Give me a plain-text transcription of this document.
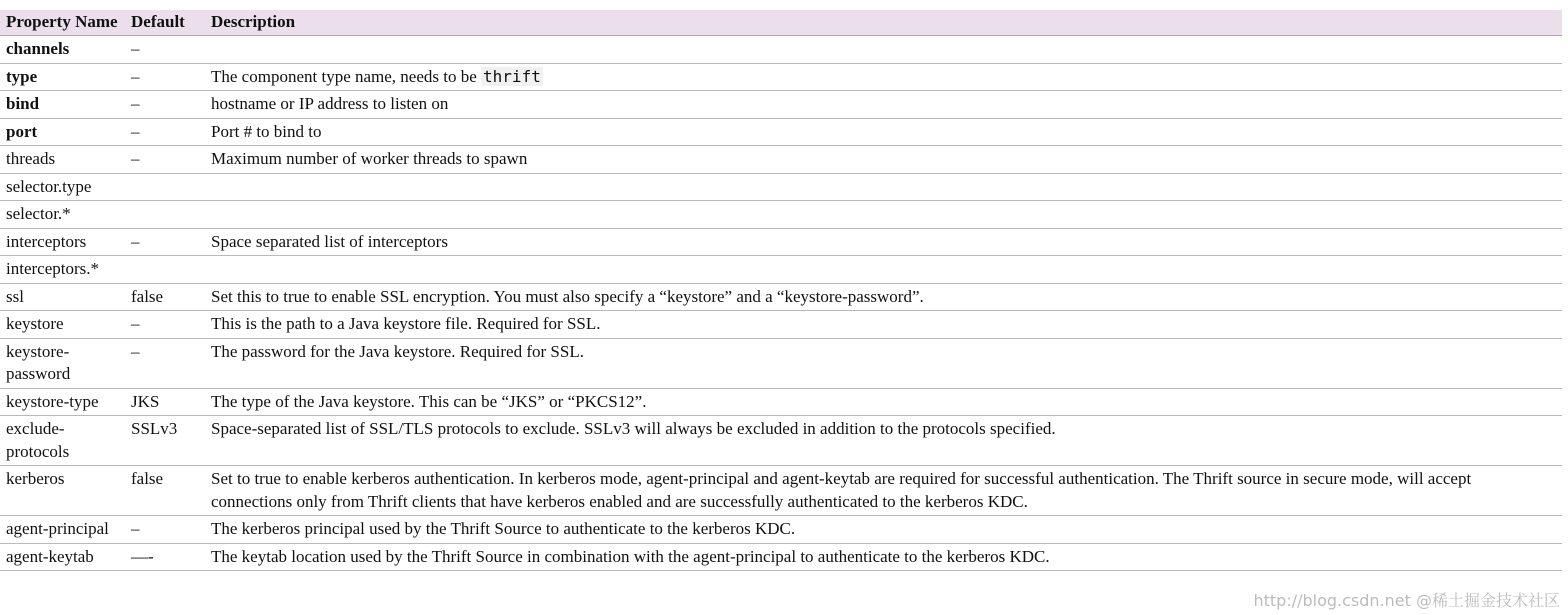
Property Name	Default	Description
channels	–	
type	–	The component type name, needs to be thrift
bind	–	hostname or IP address to listen on
port	–	Port # to bind to
threads	–	Maximum number of worker threads to spawn
selector.type		
selector.*		
interceptors	–	Space separated list of interceptors
interceptors.*		
ssl	false	Set this to true to enable SSL encryption. You must also specify a “keystore” and a “keystore-password”.
keystore	–	This is the path to a Java keystore file. Required for SSL.
keystore-password	–	The password for the Java keystore. Required for SSL.
keystore-type	JKS	The type of the Java keystore. This can be “JKS” or “PKCS12”.
exclude-protocols	SSLv3	Space-separated list of SSL/TLS protocols to exclude. SSLv3 will always be excluded in addition to the protocols specified.
kerberos	false	Set to true to enable kerberos authentication. In kerberos mode, agent-principal and agent-keytab are required for successful authentication. The Thrift source in secure mode, will accept connections only from Thrift clients that have kerberos enabled and are successfully authenticated to the kerberos KDC.
agent-principal	–	The kerberos principal used by the Thrift Source to authenticate to the kerberos KDC.
agent-keytab	—-	The keytab location used by the Thrift Source in combination with the agent-principal to authenticate to the kerberos KDC.
http://blog.csdn.net @稀土掘金技术社区
